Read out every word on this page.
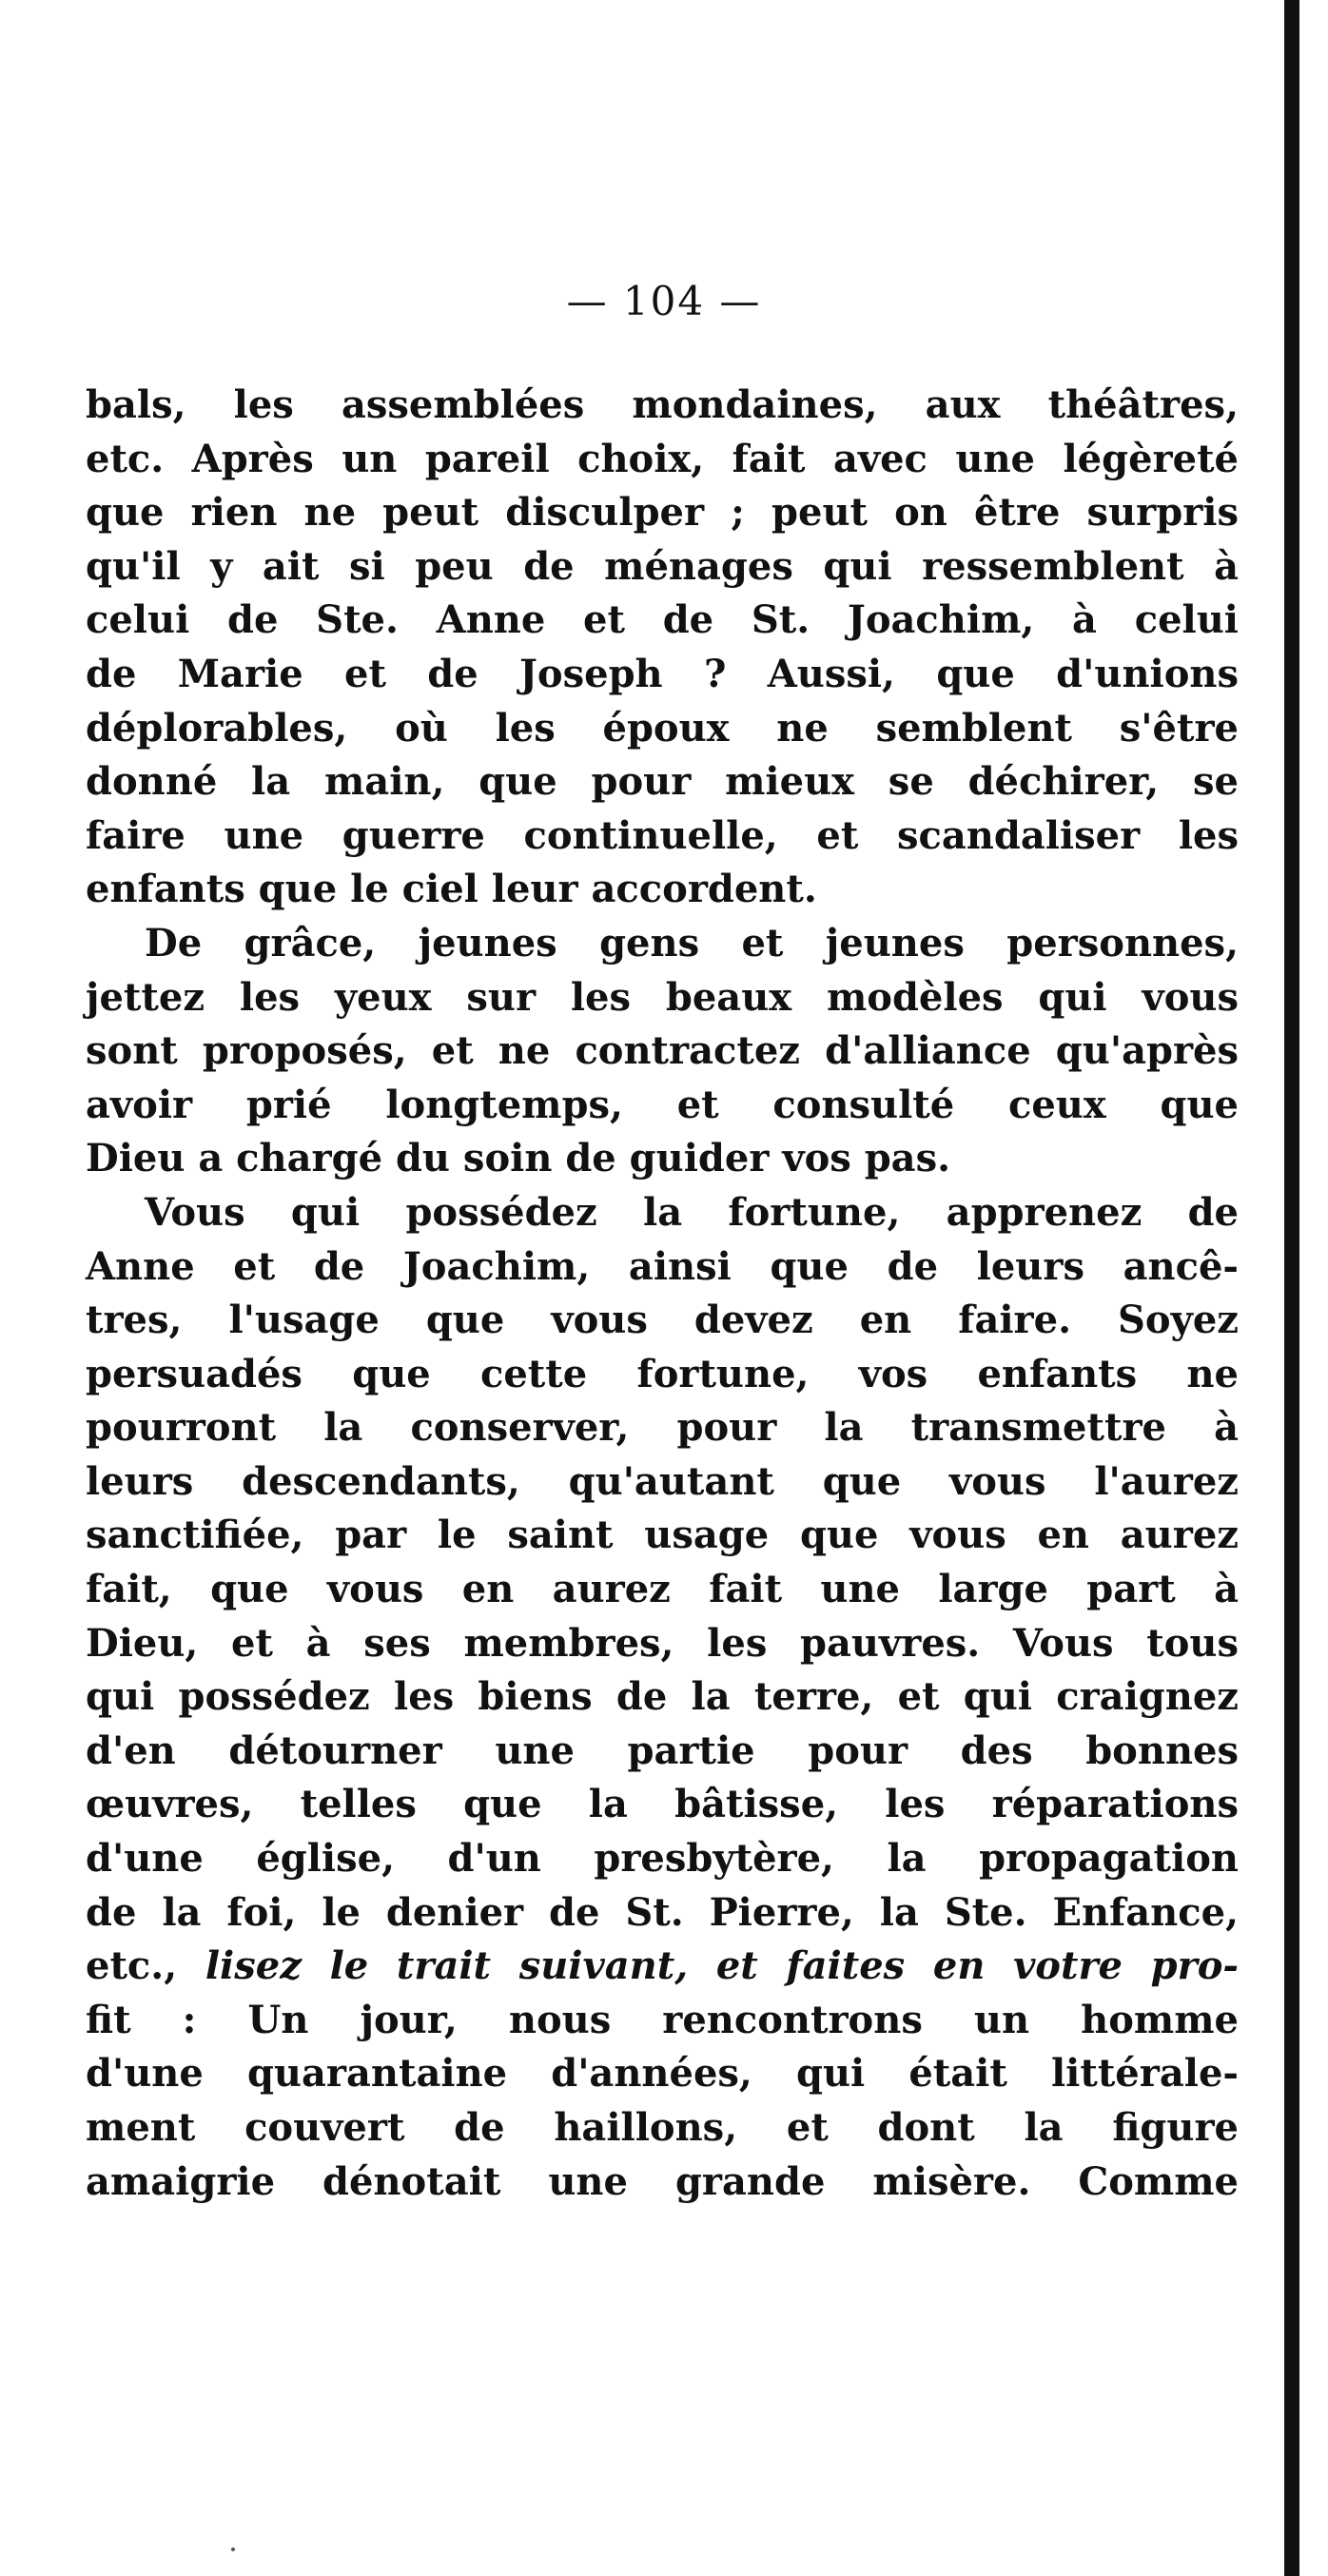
— 104 —
bals, les assemblées mondaines, aux théâtres,
etc. Après un pareil choix, fait avec une légèreté
que rien ne peut disculper ; peut on être surpris
qu'il y ait si peu de ménages qui ressemblent à
celui de Ste. Anne et de St. Joachim, à celui
de Marie et de Joseph ? Aussi, que d'unions
déplorables, où les époux ne semblent s'être
donné la main, que pour mieux se déchirer, se
faire une guerre continuelle, et scandaliser les
enfants que le ciel leur accordent.
De grâce, jeunes gens et jeunes personnes,
jettez les yeux sur les beaux modèles qui vous
sont proposés, et ne contractez d'alliance qu'après
avoir prié longtemps, et consulté ceux que
Dieu a chargé du soin de guider vos pas.
Vous qui possédez la fortune, apprenez de
Anne et de Joachim, ainsi que de leurs ancê-
tres, l'usage que vous devez en faire. Soyez
persuadés que cette fortune, vos enfants ne
pourront la conserver, pour la transmettre à
leurs descendants, qu'autant que vous l'aurez
sanctifiée, par le saint usage que vous en aurez
fait, que vous en aurez fait une large part à
Dieu, et à ses membres, les pauvres. Vous tous
qui possédez les biens de la terre, et qui craignez
d'en détourner une partie pour des bonnes
œuvres, telles que la bâtisse, les réparations
d'une église, d'un presbytère, la propagation
de la foi, le denier de St. Pierre, la Ste. Enfance,
etc., lisez le trait suivant, et faites en votre pro-
fit : Un jour, nous rencontrons un homme
d'une quarantaine d'années, qui était littérale-
ment couvert de haillons, et dont la figure
amaigrie dénotait une grande misère. Comme
